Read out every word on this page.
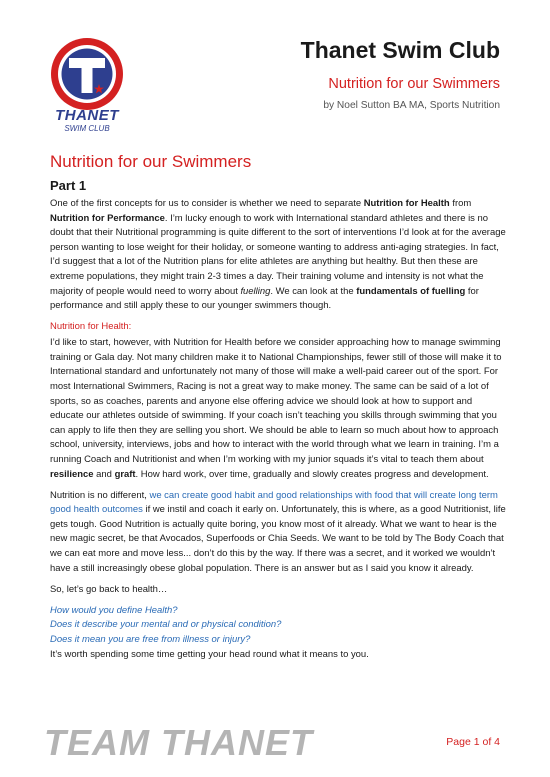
THANET
SWIM CLUB
Thanet Swim Club
Nutrition for our Swimmers
by Noel Sutton BA MA, Sports Nutrition
Nutrition for our Swimmers
Part 1

One of the first concepts for us to consider is whether we need to separate Nutrition for Health from Nutrition for Performance. I’m lucky enough to work with International standard athletes and there is no doubt that their Nutritional programming is quite different to the sort of interventions I’d look at for the average person wanting to lose weight for their holiday, or someone wanting to address anti-aging strategies. In fact, I’d suggest that a lot of the Nutrition plans for elite athletes are anything but healthy. But then these are extreme populations, they might train 2-3 times a day. Their training volume and intensity is not what the majority of people would need to worry about fuelling. We can look at the fundamentals of fuelling for performance and still apply these to our younger swimmers though.

Nutrition for Health:

I’d like to start, however, with Nutrition for Health before we consider approaching how to manage swimming training or Gala day. Not many children make it to National Championships, fewer still of those will make it to International standard and unfortunately not many of those will make a well-paid career out of the sport. For most International Swimmers, Racing is not a great way to make money. The same can be said of a lot of sports, so as coaches, parents and anyone else offering advice we should look at how to support and educate our athletes outside of swimming. If your coach isn’t teaching you skills through swimming that you can apply to life then they are selling you short. We should be able to learn so much about how to approach school, university, interviews, jobs and how to interact with the world through what we learn in training. I’m a running Coach and Nutritionist and when I’m working with my junior squads it’s vital to teach them about resilience and graft. How hard work, over time, gradually and slowly creates progress and development.

Nutrition is no different, we can create good habit and good relationships with food that will create long term good health outcomes if we instil and coach it early on. Unfortunately, this is where, as a good Nutritionist, life gets tough. Good Nutrition is actually quite boring, you know most of it already. What we want to hear is the new magic secret, be that Avocados, Superfoods or Chia Seeds. We want to be told by The Body Coach that we can eat more and move less... don’t do this by the way. If there was a secret, and it worked we wouldn’t have a still increasingly obese global population. There is an answer but as I said you know it already.

So, let’s go back to health…

How would you define Health?
Does it describe your mental and or physical condition?
Does it mean you are free from illness or injury?
It’s worth spending some time getting your head round what it means to you.
TEAM THANET	Page 1 of 4
